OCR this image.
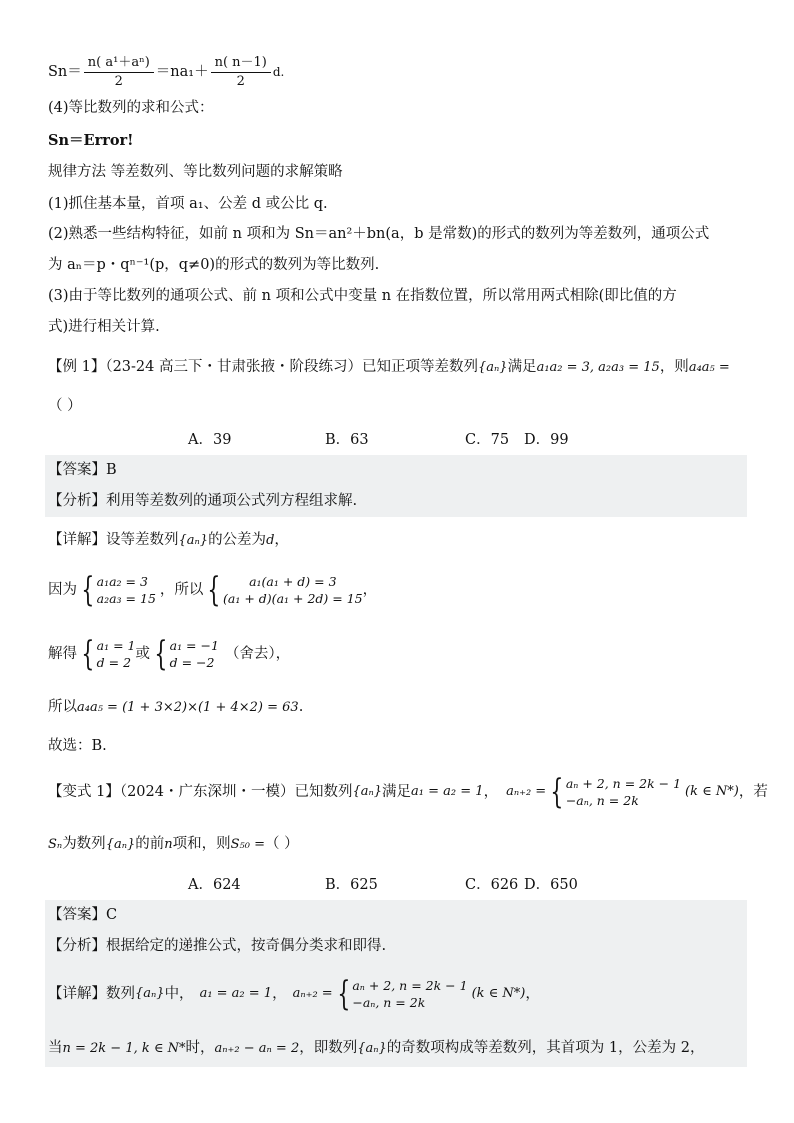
$Sn= \frac{\text{n( a¹＋aⁿ)}}{2} =na_1+ \frac{n( n-1)}{2} d$.
(4)等比数列的求和公式：
Sn＝Error!
规律方法 等差数列、等比数列问题的求解策略
(1)抓住基本量，首项 a₁、公差 d 或公比 q.
(2)熟悉一些结构特征，如前 n 项和为 Sn＝an²＋bn(a，b 是常数)的形式的数列为等差数列，通项公式
为 aₙ＝p・qⁿ⁻¹(p，q≠0)的形式的数列为等比数列.
(3)由于等比数列的通项公式、前 n 项和公式中变量 n 在指数位置，所以常用两式相除(即比值的方
式)进行相关计算.
【例 1】（23-24 高三下・甘肃张掖・阶段练习）已知正项等差数列{aₙ}满足a₁a₂ = 3, a₂a₃ = 15，则a₄a₅ =
（ ）
A．39	B．63	C．75 D．99
【答案】B
【分析】利用等差数列的通项公式列方程组求解.
【详解】设等差数列{aₙ}的公差为d，
因为 { a₁a₂ = 3
a₂a₃ = 15
，所以 {	a₁(a₁ + d) = 3
(a₁ + d)(a₁ + 2d) = 15
，
解得 { a₁ = 1
d = 2
或 { a₁ = −1
d = −2
（舍去），
所以a₄a₅ = (1 + 3×2)×(1 + 4×2) = 63.
故选：B.
【变式 1】（2024・广东深圳・一模）已知数列 {aₙ} 满足 a₁ = a₂ = 1 ， aₙ₊₂ = { aₙ + 2, n = 2k − 1
−aₙ, n = 2k
(k ∈ N*) ，若
Sₙ为数列{aₙ}的前n项和，则S₅₀ =（ ）
A．624	B．625	C．626 D．650
【答案】C
【分析】根据给定的递推公式，按奇偶分类求和即得.
【详解】数列 {aₙ} 中， a₁ = a₂ = 1 ， aₙ₊₂ = { aₙ + 2, n = 2k − 1
−aₙ, n = 2k
(k ∈ N*) ，
当n = 2k − 1, k ∈ N*时，aₙ₊₂ − aₙ = 2，即数列{aₙ}的奇数项构成等差数列，其首项为 1，公差为 2，
